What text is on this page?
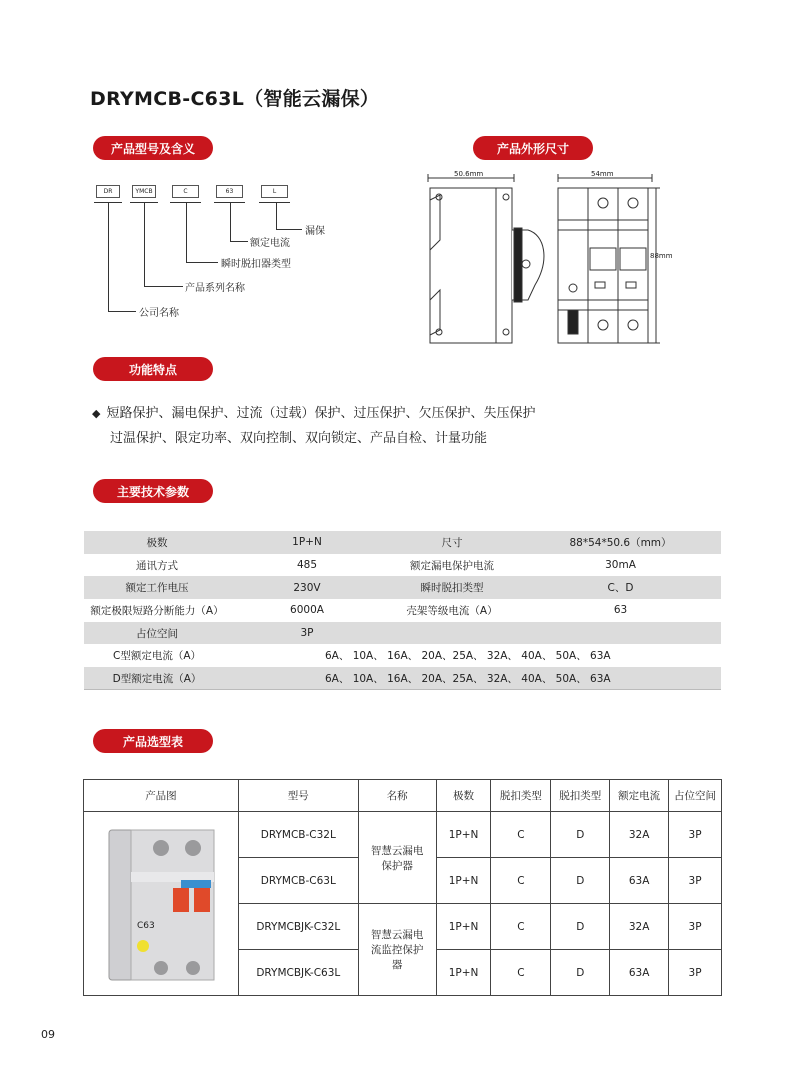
DRYMCB-C63L（智能云漏保）
产品型号及含义	产品外形尺寸
功能特点
主要技术参数
产品选型表
DR	YMCB	C	63	L
漏保
额定电流
瞬时脱扣器类型
产品系列名称
公司名称
50.6mm	54mm
88mm
◆ 短路保护、漏电保护、过流（过载）保护、过压保护、欠压保护、失压保护
过温保护、限定功率、双向控制、双向锁定、产品自检、计量功能
极数	1P+N	尺寸	88*54*50.6（mm）
通讯方式	485	额定漏电保护电流	30mA
额定工作电压	230V	瞬时脱扣类型	C、D
额定极限短路分断能力（A）	6000A	壳架等级电流（A）	63
占位空间	3P		
C型额定电流（A）	6A、 10A、 16A、 20A、25A、 32A、 40A、 50A、 63A		
D型额定电流（A）	6A、 10A、 16A、 20A、25A、 32A、 40A、 50A、 63A		
产品图	型号	名称	极数	脱扣类型	脱扣类型	额定电流	占位空间

C63	DRYMCB-C32L	智慧云漏电保护器	1P+N	C	D	32A	3P
	DRYMCB-C63L		1P+N	C	D	63A	3P
	DRYMCBJK-C32L	智慧云漏电流监控保护器	1P+N	C	D	32A	3P
	DRYMCBJK-C63L		1P+N	C	D	63A	3P
09
